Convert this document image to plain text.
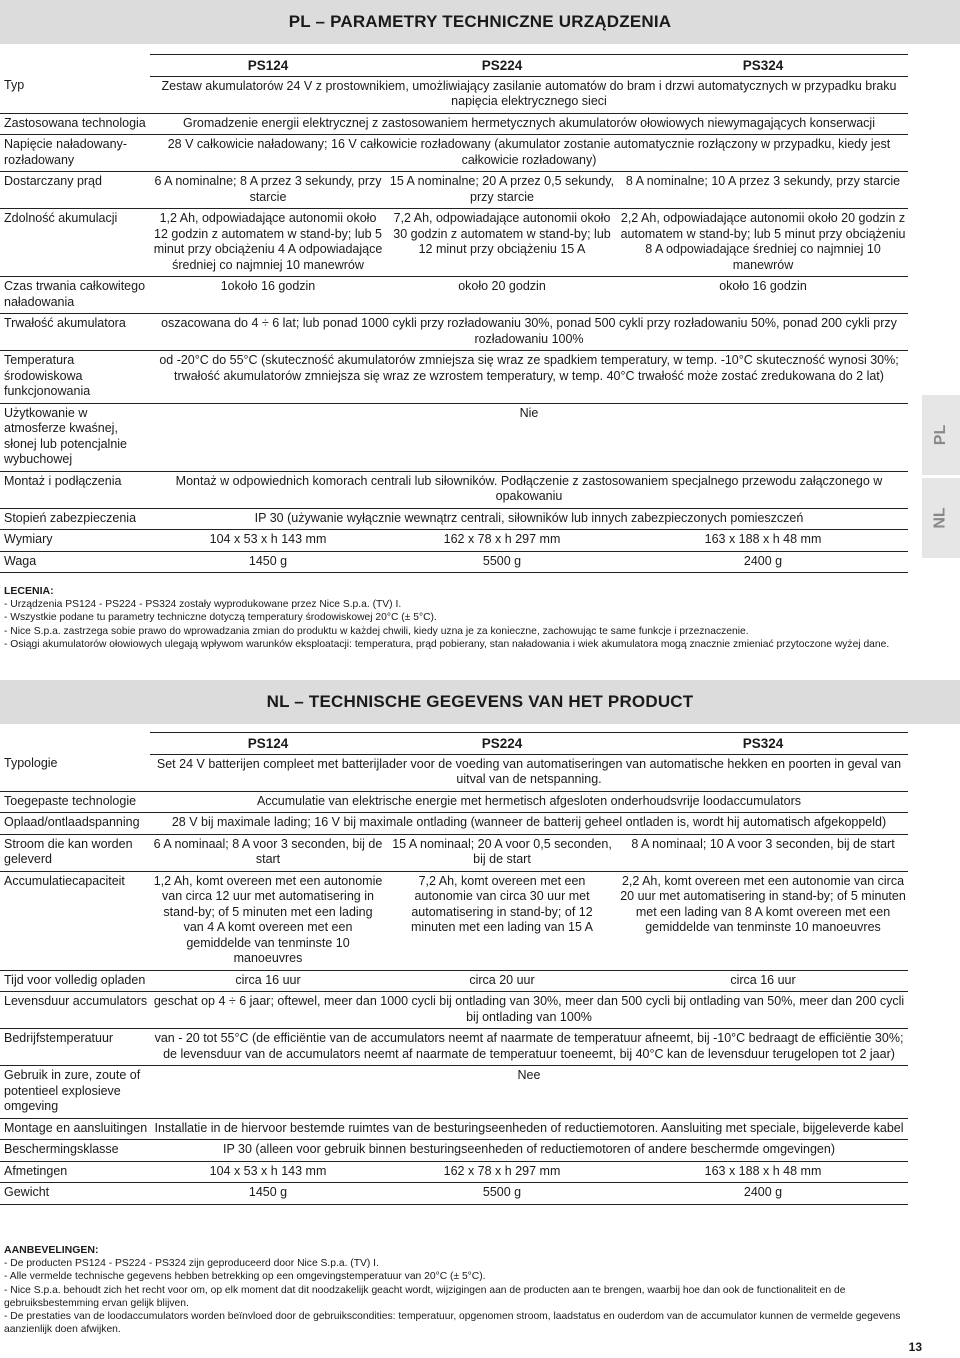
PL – PARAMETRY TECHNICZNE URZĄDZENIA
	PS124	PS224	PS324
Typ	Zestaw akumulatorów 24 V z prostownikiem, umożliwiający zasilanie automatów do bram i drzwi automatycznych w przypadku braku napięcia elektrycznego sieci		
Zastosowana technologia	Gromadzenie energii elektrycznej z zastosowaniem hermetycznych akumulatorów ołowiowych niewymagających konserwacji		
Napięcie naładowany-rozładowany	28 V całkowicie naładowany; 16 V całkowicie rozładowany (akumulator zostanie automatycznie rozłączony w przypadku, kiedy jest całkowicie rozładowany)		
Dostarczany prąd	6 A nominalne; 8 A przez 3 sekundy, przy starcie	15 A nominalne; 20 A przez 0,5 sekundy, przy starcie	8 A nominalne; 10 A przez 3 sekundy, przy starcie
Zdolność akumulacji	1,2 Ah, odpowiadające autonomii około 12 godzin z automatem w stand-by; lub 5 minut przy obciążeniu 4 A odpowiadające średniej co najmniej 10 manewrów	7,2 Ah, odpowiadające autonomii około 30 godzin z automatem w stand-by; lub 12 minut przy obciążeniu 15 A	2,2 Ah, odpowiadające autonomii około 20 godzin z automatem w stand-by; lub 5 minut przy obciążeniu 8 A odpowiadające średniej co najmniej 10 manewrów
Czas trwania całkowitego naładowania	1około 16 godzin	około 20 godzin	około 16 godzin
Trwałość akumulatora	oszacowana do 4 ÷ 6 lat; lub ponad 1000 cykli przy rozładowaniu 30%, ponad 500 cykli przy rozładowaniu 50%, ponad 200 cykli przy rozładowaniu 100%		
Temperatura środowiskowa funkcjonowania	od -20°C do 55°C (skuteczność akumulatorów zmniejsza się wraz ze spadkiem temperatury, w temp. -10°C skuteczność wynosi 30%; trwałość akumulatorów zmniejsza się wraz ze wzrostem temperatury, w temp. 40°C trwałość może zostać zredukowana do 2 lat)		
Użytkowanie w atmosferze kwaśnej, słonej lub potencjalnie wybuchowej	Nie		
Montaż i podłączenia	Montaż w odpowiednich komorach centrali lub siłowników. Podłączenie z zastosowaniem specjalnego przewodu załączonego w opakowaniu		
Stopień zabezpieczenia	IP 30 (używanie wyłącznie wewnątrz centrali, siłowników lub innych zabezpieczonych pomieszczeń		
Wymiary	104 x 53 x h 143 mm	162 x 78 x h 297 mm	163 x 188 x h 48 mm
Waga	1450 g	5500 g	2400 g
LECENIA:
- Urządzenia PS124 - PS224 - PS324 zostały wyprodukowane przez Nice S.p.a. (TV) I.
- Wszystkie podane tu parametry techniczne dotyczą temperatury środowiskowej 20°C (± 5°C).
- Nice S.p.a. zastrzega sobie prawo do wprowadzania zmian do produktu w każdej chwili, kiedy uzna je za konieczne, zachowując te same funkcje i przeznaczenie.
- Osiągi akumulatorów ołowiowych ulegają wpływom warunków eksploatacji: temperatura, prąd pobierany, stan naładowania i wiek akumulatora mogą znacznie zmieniać przytoczone wyżej dane.
PL
NL
NL – TECHNISCHE GEGEVENS VAN HET PRODUCT
	PS124	PS224	PS324
Typologie	Set 24 V batterijen compleet met batterijlader voor de voeding van automatiseringen van automatische hekken en poorten in geval van uitval van de netspanning.		
Toegepaste technologie	Accumulatie van elektrische energie met hermetisch afgesloten onderhoudsvrije loodaccumulators		
Oplaad/ontlaadspanning	28 V bij maximale lading; 16 V bij maximale ontlading (wanneer de batterij geheel ontladen is, wordt hij automatisch afgekoppeld)		
Stroom die kan worden geleverd	6 A nominaal; 8 A voor 3 seconden, bij de start	15 A nominaal; 20 A voor 0,5 seconden, bij de start	8 A nominaal; 10 A voor 3 seconden, bij de start
Accumulatiecapaciteit	1,2 Ah, komt overeen met een autonomie van circa 12 uur met automatisering in stand-by; of 5 minuten met een lading van 4 A komt overeen met een gemiddelde van tenminste 10 manoeuvres	7,2 Ah, komt overeen met een autonomie van circa 30 uur met automatisering in stand-by; of 12 minuten met een lading van 15 A	2,2 Ah, komt overeen met een autonomie van circa 20 uur met automatisering in stand-by; of 5 minuten met een lading van 8 A komt overeen met een gemiddelde van tenminste 10 manoeuvres
Tijd voor volledig opladen	circa 16 uur	circa 20 uur	circa 16 uur
Levensduur accumulators	geschat op 4 ÷ 6 jaar; oftewel, meer dan 1000 cycli bij ontlading van 30%, meer dan 500 cycli bij ontlading van 50%, meer dan 200 cycli bij ontlading van 100%		
Bedrijfstemperatuur	van - 20 tot 55°C (de efficiëntie van de accumulators neemt af naarmate de temperatuur afneemt, bij -10°C bedraagt de efficiëntie 30%; de levensduur van de accumulators neemt af naarmate de temperatuur toeneemt, bij 40°C kan de levensduur terugelopen tot 2 jaar)		
Gebruik in zure, zoute of potentieel explosieve omgeving	Nee		
Montage en aansluitingen	Installatie in de hiervoor bestemde ruimtes van de besturingseenheden of reductiemotoren. Aansluiting met speciale, bijgeleverde kabel		
Beschermingsklasse	IP 30 (alleen voor gebruik binnen besturingseenheden of reductiemotoren of andere beschermde omgevingen)		
Afmetingen	104 x 53 x h 143 mm	162 x 78 x h 297 mm	163 x 188 x h 48 mm
Gewicht	1450 g	5500 g	2400 g
AANBEVELINGEN:
- De producten PS124 - PS224 - PS324 zijn geproduceerd door Nice S.p.a. (TV) I.
- Alle vermelde technische gegevens hebben betrekking op een omgevingstemperatuur van 20°C (± 5°C).
- Nice S.p.a. behoudt zich het recht voor om, op elk moment dat dit noodzakelijk geacht wordt, wijzigingen aan de producten aan te brengen, waarbij hoe dan ook de functionaliteit en de gebruiksbestemming ervan gelijk blijven.
- De prestaties van de loodaccumulators worden beïnvloed door de gebruikscondities: temperatuur, opgenomen stroom, laadstatus en ouderdom van de accumulator kunnen de vermelde gegevens aanzienlijk doen afwijken.
13
